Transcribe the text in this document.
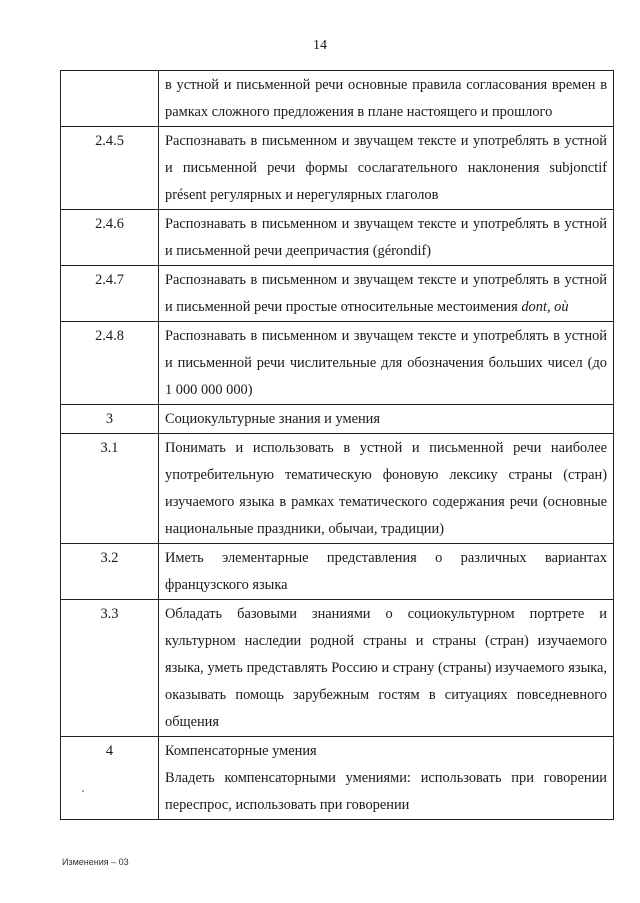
14
	в устной и письменной речи основные правила согласования времен в рамках сложного предложения в плане настоящего и прошлого
2.4.5	Распознавать в письменном и звучащем тексте и употреблять в устной и письменной речи формы сослагательного наклонения subjonctif présent регулярных и нерегулярных глаголов
2.4.6	Распознавать в письменном и звучащем тексте и употреблять в устной и письменной речи деепричастия (gérondif)
2.4.7	Распознавать в письменном и звучащем тексте и употреблять в устной и письменной речи простые относительные местоимения dont, où
2.4.8	Распознавать в письменном и звучащем тексте и употреблять в устной и письменной речи числительные для обозначения больших чисел (до 1 000 000 000)
3	Социокультурные знания и умения
3.1	Понимать и использовать в устной и письменной речи наиболее употребительную тематическую фоновую лексику страны (стран) изучаемого языка в рамках тематического содержания речи (основные национальные праздники, обычаи, традиции)
3.2	Иметь элементарные представления о различных вариантах французского языка
3.3	Обладать базовыми знаниями о социокультурном портрете и культурном наследии родной страны и страны (стран) изучаемого языка, уметь представлять Россию и страну (страны) изучаемого языка, оказывать помощь зарубежным гостям в ситуациях повседневного общения
4	Компенсаторные умения

Владеть компенсаторными умениями: использовать при говорении переспрос, использовать при говорении

Изменения – 03
